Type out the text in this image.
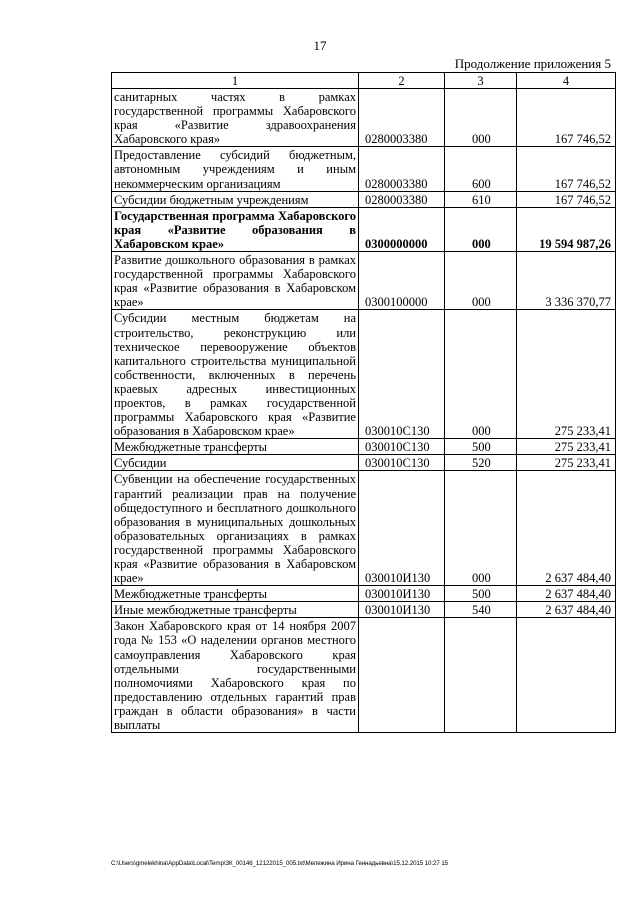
17
Продолжение приложения 5
1	2	3	4
санитарных частях в рамках государственной программы Хабаровского края «Развитие здравоохранения Хабаровского края»	0280003380	000	167 746,52
Предоставление субсидий бюджетным, автономным учреждениям и иным некоммерческим организациям	0280003380	600	167 746,52
Субсидии бюджетным учреждениям	0280003380	610	167 746,52
Государственная программа Хабаровского края «Развитие образования в Хабаровском крае»	0300000000	000	19 594 987,26
Развитие дошкольного образования в рамках государственной программы Хабаровского края «Развитие образования в Хабаровском крае»	0300100000	000	3 336 370,77
Субсидии местным бюджетам на строительство, реконструкцию или техническое перевооружение объектов капитального строительства муниципальной собственности, включенных в перечень краевых адресных инвестиционных проектов, в рамках государственной программы Хабаровского края «Развитие образования в Хабаровском крае»	030010С130	000	275 233,41
Межбюджетные трансферты	030010С130	500	275 233,41
Субсидии	030010С130	520	275 233,41
Субвенции на обеспечение государственных гарантий реализации прав на получение общедоступного и бесплатного дошкольного образования в муниципальных дошкольных образовательных организациях в рамках государственной программы Хабаровского края «Развитие образования в Хабаровском крае»	030010И130	000	2 637 484,40
Межбюджетные трансферты	030010И130	500	2 637 484,40
Иные межбюджетные трансферты	030010И130	540	2 637 484,40
Закон Хабаровского края от 14 ноября 2007 года № 153 «О наделении органов местного самоуправления Хабаровского края отдельными государственными полномочиями Хабаровского края по предоставлению отдельных гарантий прав граждан в области образования» в части выплаты			
C:\Users\gmelekhina\AppData\Local\Temp\ЗК_00146_12122015_005.txt\Мележина Ирина Геннадьевна\15.12.2015 10:27 15
